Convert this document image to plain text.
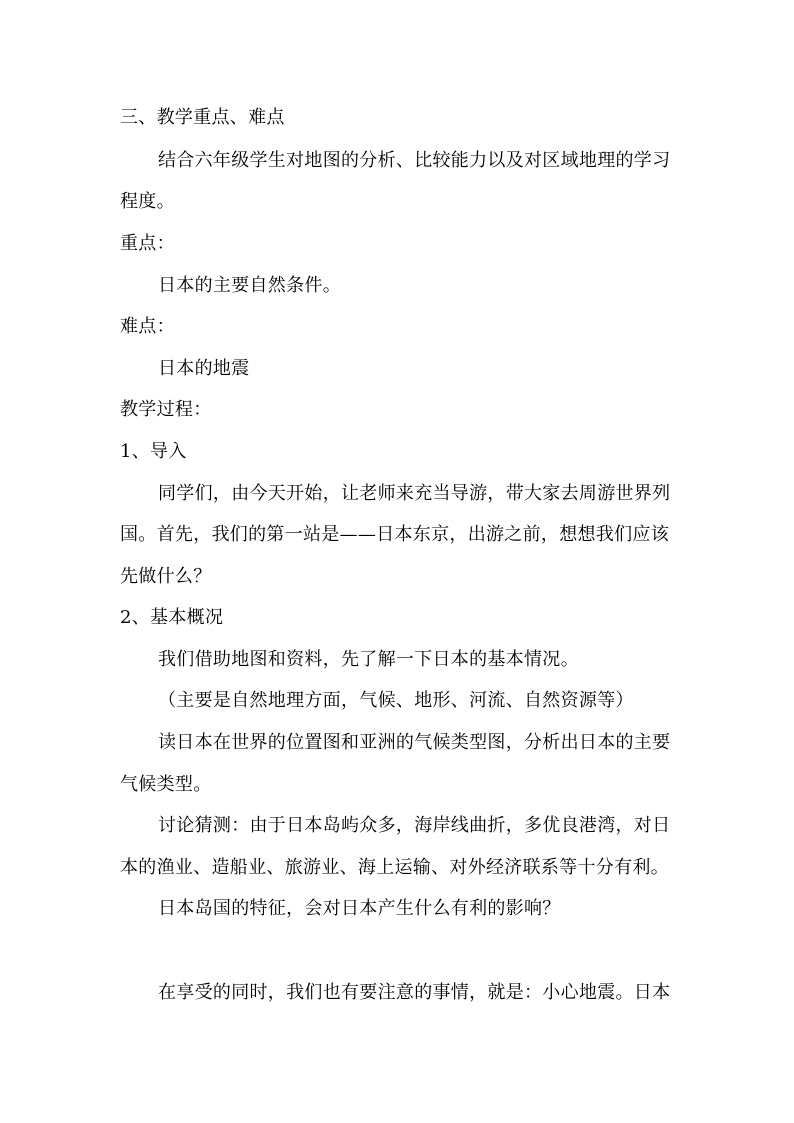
三、教学重点、难点
结合六年级学生对地图的分析、比较能力以及对区域地理的学习
程度。
重点：
日本的主要自然条件。
难点：
日本的地震
教学过程：
1、导入
同学们，由今天开始，让老师来充当导游，带大家去周游世界列
国。首先，我们的第一站是——日本东京，出游之前，想想我们应该
先做什么？
2、基本概况
我们借助地图和资料，先了解一下日本的基本情况。
（主要是自然地理方面，气候、地形、河流、自然资源等）
读日本在世界的位置图和亚洲的气候类型图，分析出日本的主要
气候类型。
讨论猜测：由于日本岛屿众多，海岸线曲折，多优良港湾，对日
本的渔业、造船业、旅游业、海上运输、对外经济联系等十分有利。
日本岛国的特征，会对日本产生什么有利的影响？
在享受的同时，我们也有要注意的事情，就是：小心地震。日本
